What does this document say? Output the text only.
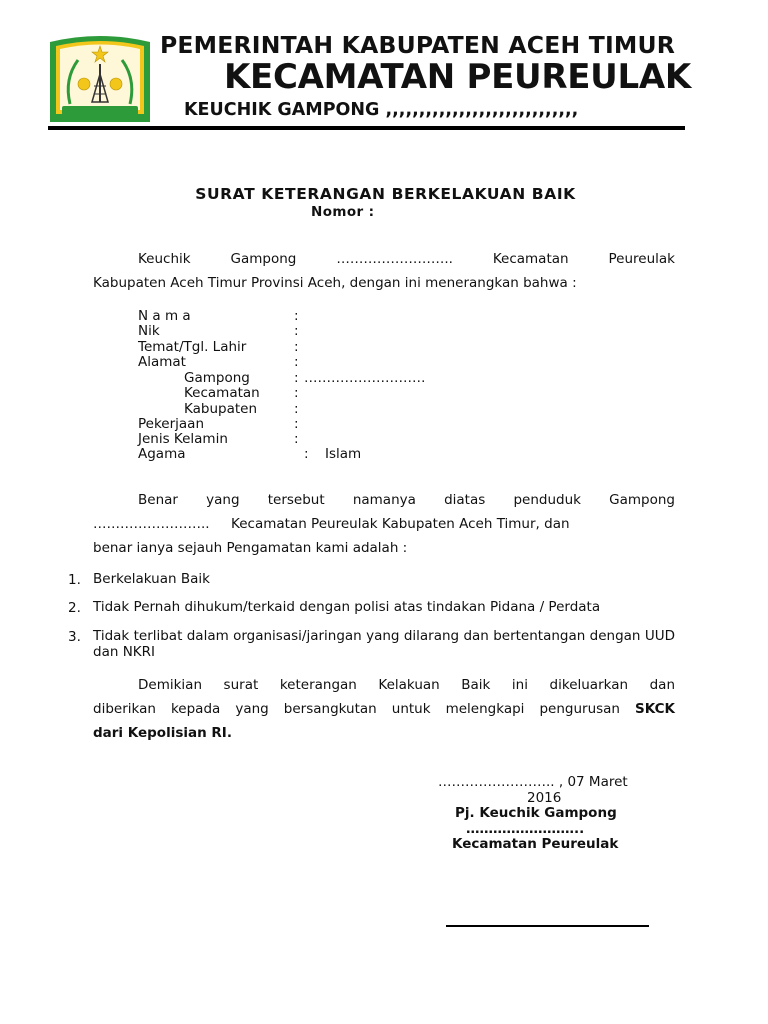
PEMERINTAH KABUPATEN ACEH TIMUR
KECAMATAN PEUREULAK
KEUCHIK GAMPONG ,,,,,,,,,,,,,,,,,,,,,,,,,,,,,
SURAT KETERANGAN BERKELAKUAN BAIK
Nomor :
Keuchik	Gampong	……………………..	Kecamatan	Peureulak
Kabupaten Aceh Timur Provinsi Aceh, dengan ini menerangkan bahwa :
N a m a	:
Nik	:
Temat/Tgl. Lahir	:
Alamat	:
Gampong	: ………………………
Kecamatan	:
Kabupaten	:
Pekerjaan	:
Jenis Kelamin	:
Agama	: Islam
Benar yang tersebut namanya diatas penduduk Gampong
……………………..     Kecamatan Peureulak Kabupaten Aceh Timur, dan
benar ianya sejauh Pengamatan kami adalah :
1. Berkelakuan Baik
2. Tidak Pernah dihukum/terkaid dengan polisi atas tindakan Pidana / Perdata
3. Tidak terlibat dalam organisasi/jaringan yang dilarang dan bertentangan dengan UUD dan NKRI
Demikian surat keterangan Kelakuan Baik ini dikeluarkan dan
diberikan kepada yang bersangkutan untuk melengkapi pengurusan SKCK
dari Kepolisian RI.
…………………….. , 07 Maret
2016
Pj. Keuchik Gampong
……………………..
Kecamatan Peureulak
